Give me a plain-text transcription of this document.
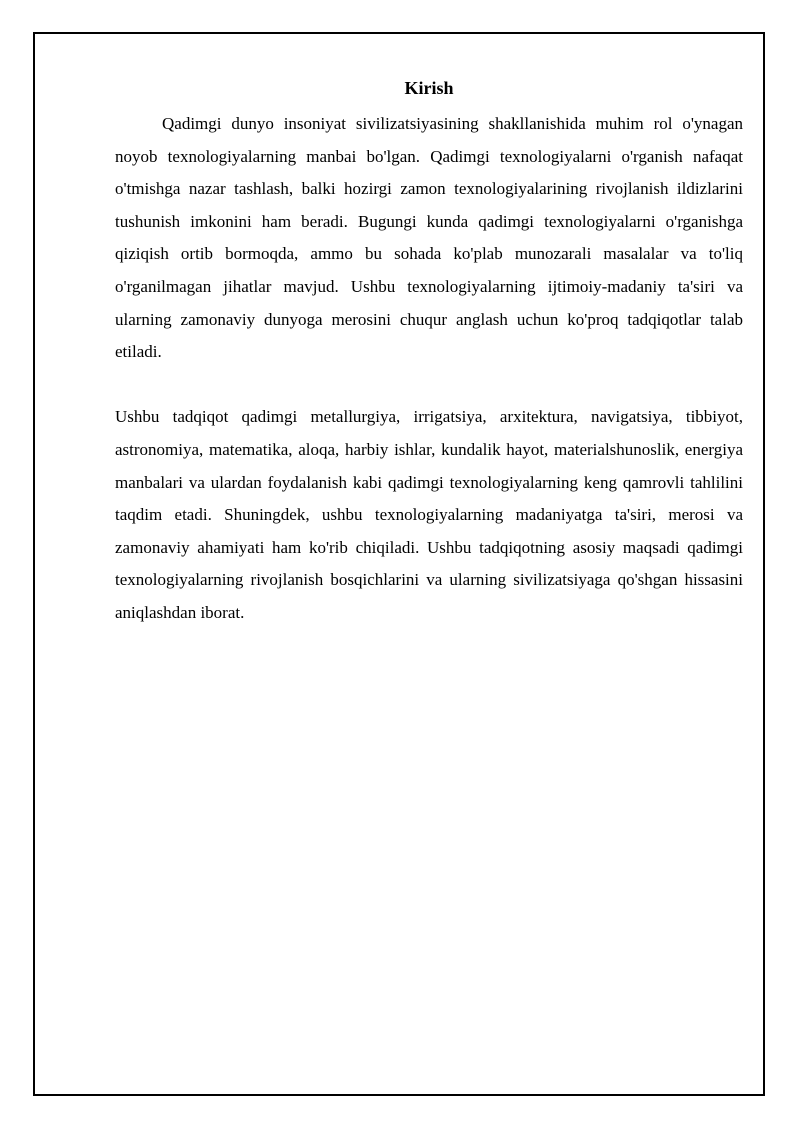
Kirish

Qadimgi dunyo insoniyat sivilizatsiyasining shakllanishida muhim rol o'ynagan noyob texnologiyalarning manbai bo'lgan. Qadimgi texnologiyalarni o'rganish nafaqat o'tmishga nazar tashlash, balki hozirgi zamon texnologiyalarining rivojlanish ildizlarini tushunish imkonini ham beradi. Bugungi kunda qadimgi texnologiyalarni o'rganishga qiziqish ortib bormoqda, ammo bu sohada ko'plab munozarali masalalar va to'liq o'rganilmagan jihatlar mavjud. Ushbu texnologiyalarning ijtimoiy-madaniy ta'siri va ularning zamonaviy dunyoga merosini chuqur anglash uchun ko'proq tadqiqotlar talab etiladi.

Ushbu tadqiqot qadimgi metallurgiya, irrigatsiya, arxitektura, navigatsiya, tibbiyot, astronomiya, matematika, aloqa, harbiy ishlar, kundalik hayot, materialshunoslik, energiya manbalari va ulardan foydalanish kabi qadimgi texnologiyalarning keng qamrovli tahlilini taqdim etadi. Shuningdek, ushbu texnologiyalarning madaniyatga ta'siri, merosi va zamonaviy ahamiyati ham ko'rib chiqiladi. Ushbu tadqiqotning asosiy maqsadi qadimgi texnologiyalarning rivojlanish bosqichlarini va ularning sivilizatsiyaga qo'shgan hissasini aniqlashdan iborat.
